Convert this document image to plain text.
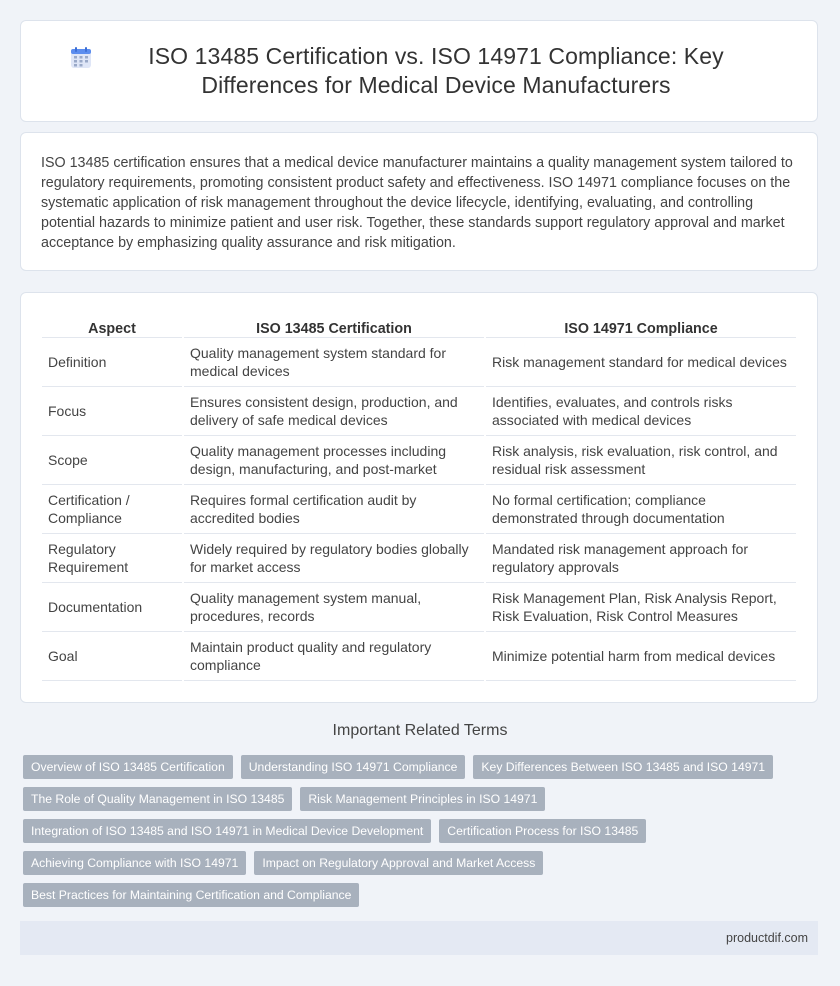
ISO 13485 Certification vs. ISO 14971 Compliance: Key Differences for Medical Device Manufacturers

ISO 13485 certification ensures that a medical device manufacturer maintains a quality management system tailored to regulatory requirements, promoting consistent product safety and effectiveness. ISO 14971 compliance focuses on the systematic application of risk management throughout the device lifecycle, identifying, evaluating, and controlling potential hazards to minimize patient and user risk. Together, these standards support regulatory approval and market acceptance by emphasizing quality assurance and risk mitigation.

Aspect	ISO 13485 Certification	ISO 14971 Compliance
Definition	Quality management system standard for medical devices	Risk management standard for medical devices
Focus	Ensures consistent design, production, and delivery of safe medical devices	Identifies, evaluates, and controls risks associated with medical devices
Scope	Quality management processes including design, manufacturing, and post-market	Risk analysis, risk evaluation, risk control, and residual risk assessment
Certification / Compliance	Requires formal certification audit by accredited bodies	No formal certification; compliance demonstrated through documentation
Regulatory Requirement	Widely required by regulatory bodies globally for market access	Mandated risk management approach for regulatory approvals
Documentation	Quality management system manual, procedures, records	Risk Management Plan, Risk Analysis Report, Risk Evaluation, Risk Control Measures
Goal	Maintain product quality and regulatory compliance	Minimize potential harm from medical devices
Important Related Terms
Overview of ISO 13485 Certification	Understanding ISO 14971 Compliance	Key Differences Between ISO 13485 and ISO 14971
The Role of Quality Management in ISO 13485	Risk Management Principles in ISO 14971
Integration of ISO 13485 and ISO 14971 in Medical Device Development	Certification Process for ISO 13485
Achieving Compliance with ISO 14971	Impact on Regulatory Approval and Market Access
Best Practices for Maintaining Certification and Compliance
productdif.com
